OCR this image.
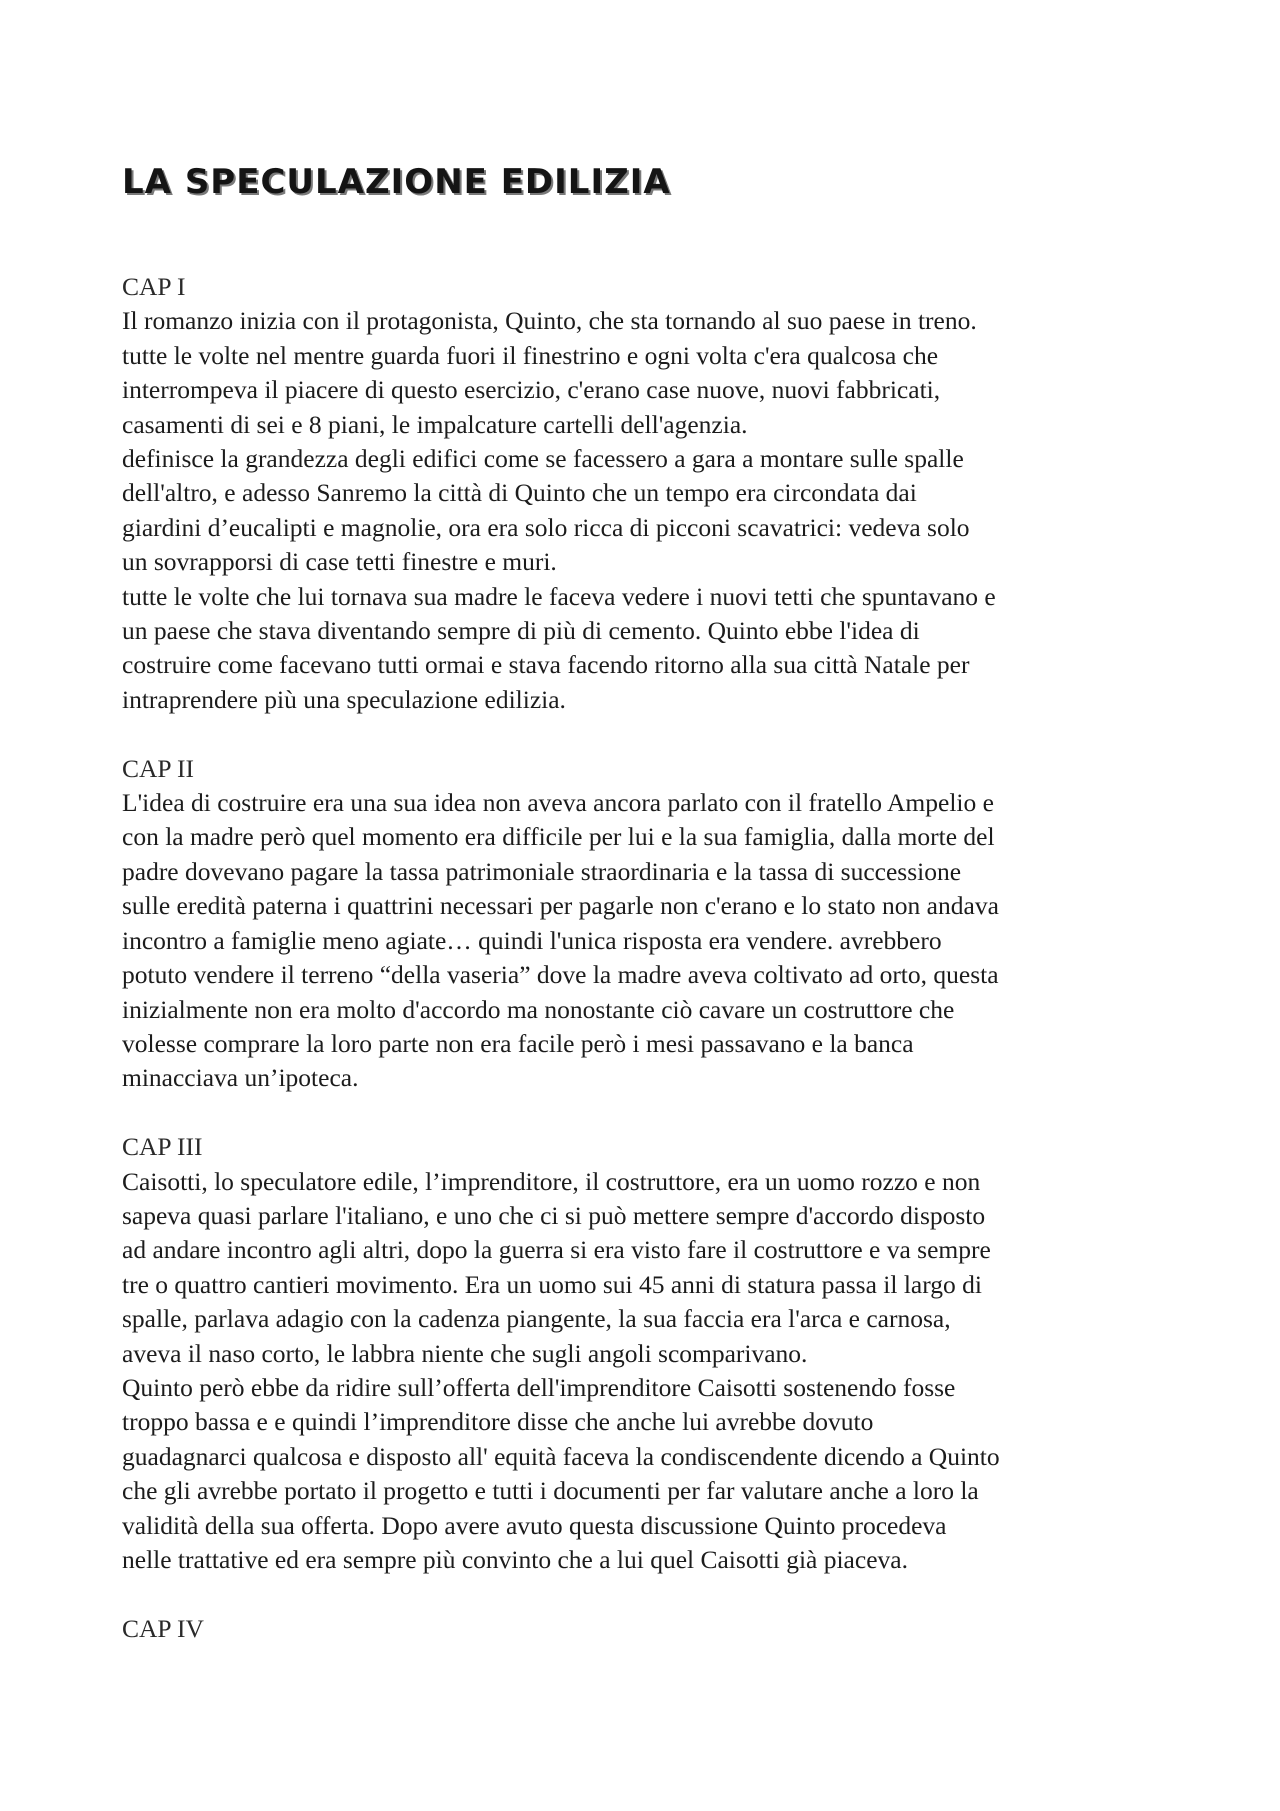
LA SPECULAZIONE EDILIZIA
CAP I

Il romanzo inizia con il protagonista, Quinto, che sta tornando al suo paese in treno.

tutte le volte nel mentre guarda fuori il finestrino e ogni volta c'era qualcosa che

interrompeva il piacere di questo esercizio, c'erano case nuove, nuovi fabbricati,

casamenti di sei e 8 piani, le impalcature cartelli dell'agenzia.

definisce la grandezza degli edifici come se facessero a gara a montare sulle spalle

dell'altro, e adesso Sanremo la città di Quinto che un tempo era circondata dai

giardini d’eucalipti e magnolie, ora era solo ricca di picconi scavatrici: vedeva solo

un sovrapporsi di case tetti finestre e muri.

tutte le volte che lui tornava sua madre le faceva vedere i nuovi tetti che spuntavano e

un paese che stava diventando sempre di più di cemento. Quinto ebbe l'idea di

costruire come facevano tutti ormai e stava facendo ritorno alla sua città Natale per

intraprendere più una speculazione edilizia.

CAP II

L'idea di costruire era una sua idea non aveva ancora parlato con il fratello Ampelio e

con la madre però quel momento era difficile per lui e la sua famiglia, dalla morte del

padre dovevano pagare la tassa patrimoniale straordinaria e la tassa di successione

sulle eredità paterna i quattrini necessari per pagarle non c'erano e lo stato non andava

incontro a famiglie meno agiate… quindi l'unica risposta era vendere. avrebbero

potuto vendere il terreno “della vaseria” dove la madre aveva coltivato ad orto, questa

inizialmente non era molto d'accordo ma nonostante ciò cavare un costruttore che

volesse comprare la loro parte non era facile però i mesi passavano e la banca

minacciava un’ipoteca.

CAP III

Caisotti, lo speculatore edile, l’imprenditore, il costruttore, era un uomo rozzo e non

sapeva quasi parlare l'italiano, e uno che ci si può mettere sempre d'accordo disposto

ad andare incontro agli altri, dopo la guerra si era visto fare il costruttore e va sempre

tre o quattro cantieri movimento. Era un uomo sui 45 anni di statura passa il largo di

spalle, parlava adagio con la cadenza piangente, la sua faccia era l'arca e carnosa,

aveva il naso corto, le labbra niente che sugli angoli scomparivano.

Quinto però ebbe da ridire sull’offerta dell'imprenditore Caisotti sostenendo fosse

troppo bassa e e quindi l’imprenditore disse che anche lui avrebbe dovuto

guadagnarci qualcosa e disposto all' equità faceva la condiscendente dicendo a Quinto

che gli avrebbe portato il progetto e tutti i documenti per far valutare anche a loro la

validità della sua offerta. Dopo avere avuto questa discussione Quinto procedeva

nelle trattative ed era sempre più convinto che a lui quel Caisotti già piaceva.

CAP IV
